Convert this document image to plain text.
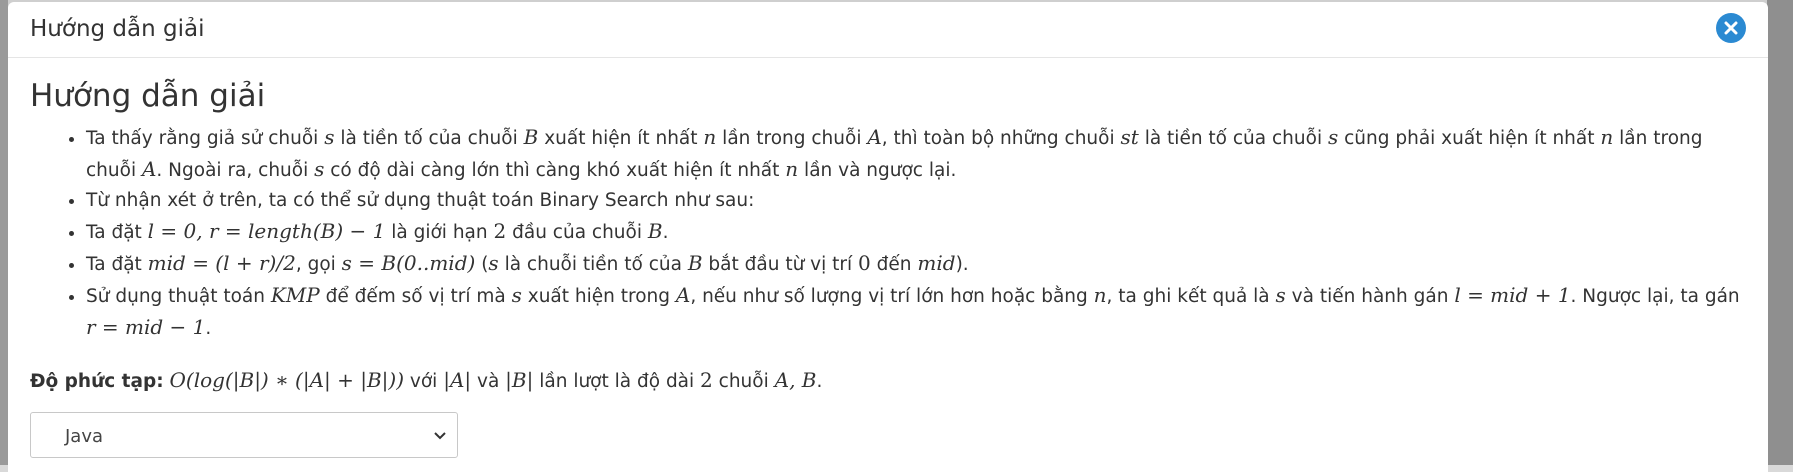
Hướng dẫn giải
Hướng dẫn giải
• Ta thấy rằng giả sử chuỗi s là tiền tố của chuỗi B xuất hiện ít nhất n lần trong chuỗi A, thì toàn bộ những chuỗi st là tiền tố của chuỗi s cũng phải xuất hiện ít nhất n lần trong chuỗi A. Ngoài ra, chuỗi s có độ dài càng lớn thì càng khó xuất hiện ít nhất n lần và ngược lại.
• Từ nhận xét ở trên, ta có thể sử dụng thuật toán Binary Search như sau:
• Ta đặt l = 0, r = length(B) − 1 là giới hạn 2 đầu của chuỗi B.
• Ta đặt mid = (l + r)/2, gọi s = B(0..mid) (s là chuỗi tiền tố của B bắt đầu từ vị trí 0 đến mid).
• Sử dụng thuật toán KMP để đếm số vị trí mà s xuất hiện trong A, nếu như số lượng vị trí lớn hơn hoặc bằng n, ta ghi kết quả là s và tiến hành gán l = mid + 1. Ngược lại, ta gán r = mid − 1.
Độ phức tạp: O(log(|B|) ∗ (|A| + |B|)) với |A| và |B| lần lượt là độ dài 2 chuỗi A, B.
Java
